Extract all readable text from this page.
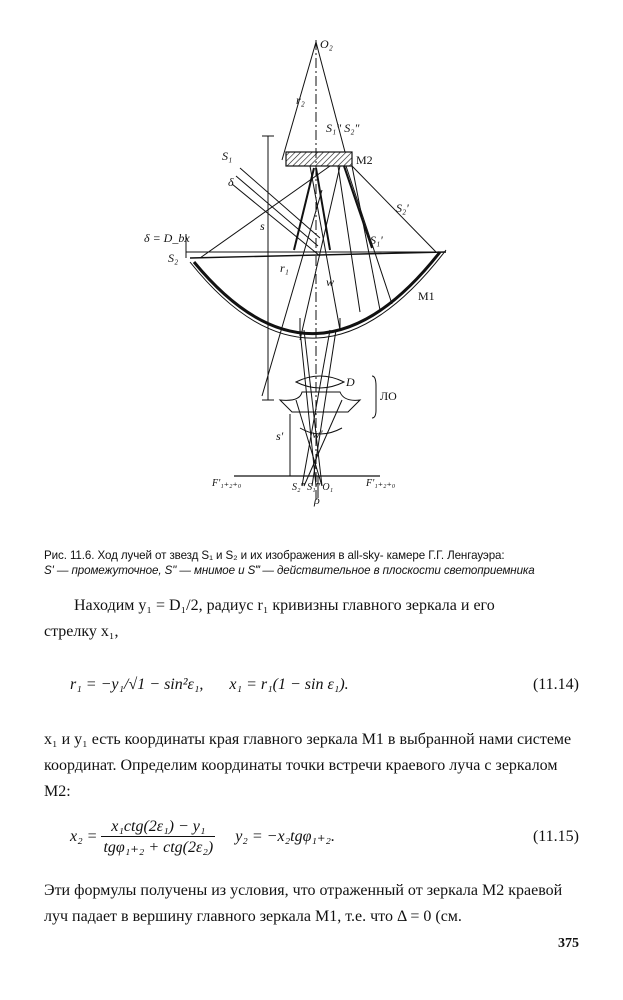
O₂
r₂
S₁" S₂"
M2
S₁
δ
s
S₂'
δ = D_bx	S₁'
S₂
r₁
w
M1
D
ЛО
s' w'
F'₁₊₂₊₀	F'₁₊₂₊₀
S₂‴ S₁‴ O₁
ρ
Рис. 11.6. Ход лучей от звезд S₁ и S₂ и их изображения в all-sky- камере Г.Г. Ленгауэра:
S' — промежуточное, S" — мнимое и S‴ — действительное в плоскости светоприемника
Находим y₁ = D₁/2, радиус r₁ кривизны главного зеркала и его
стрелку x₁,
r₁ = −y₁/√1 − sin²ε₁, x₁ = r₁(1 − sin ε₁).	(11.14)
x₁ и y₁ есть координаты края главного зеркала M1 в выбранной нами системе координат. Определим координаты точки встречи краевого луча с зеркалом M2:
$x_2 = \frac{\text{x₁ctg(2ε₁) − y₁}}{\text{tgφ₁₊₂ + ctg(2ε₂)}} y_2 = -x_2tg\varphi_{1+2}$.	(11.15)
Эти формулы получены из условия, что отраженный от зеркала M2 краевой луч падает в вершину главного зеркала M1, т.е. что Δ = 0 (см.
375
